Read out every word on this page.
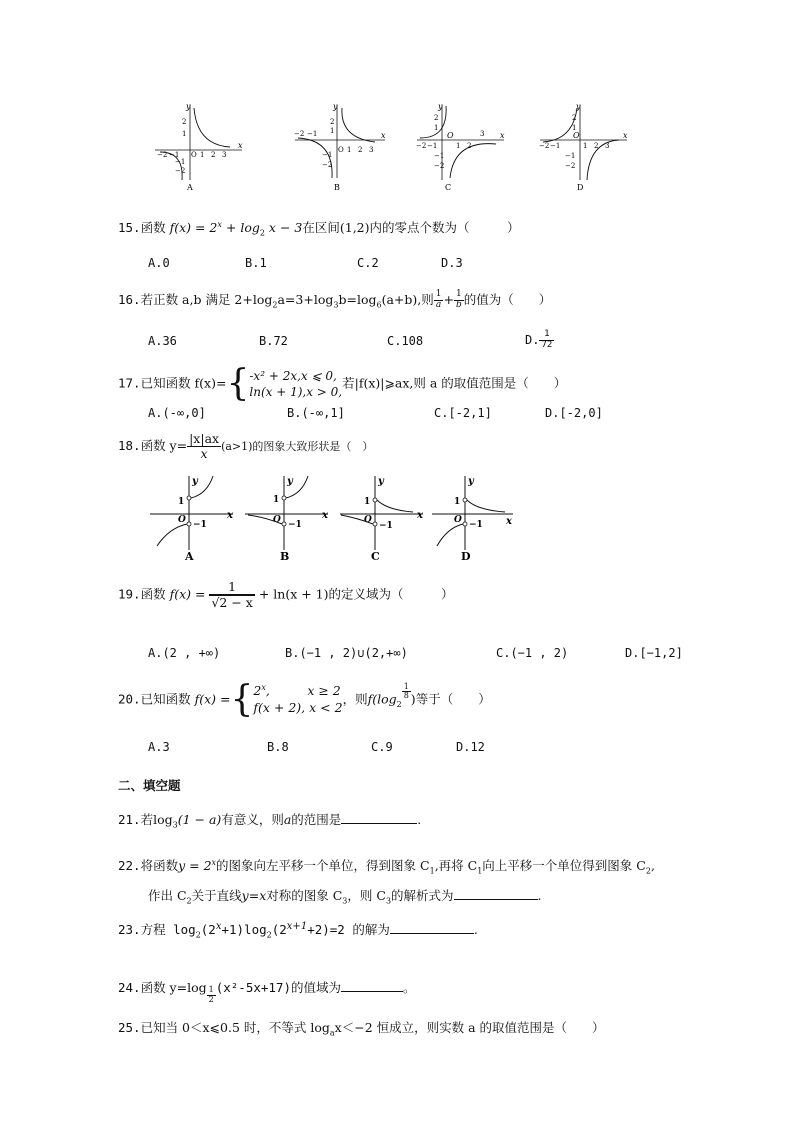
y
x
2
1
−2 −1 O 1 2 3
−1
−2
A
y
x
2
1
−2 −1
O 1 2 3
−1
−2
B
y
x
2
1
−2 −1
O
1 2
3
−1
−2
C
y
x
2
1
−2 −1
O
1 2 3
−1
−2
D
15.函数 $f(x) = 2^x + \log_2 x - 3$在区间(1,2)内的零点个数为（　　　）
A.0	B.1	C.2	D.3
16.若正数 a,b 满足 $2+\log_2a=3+\log_3b=\log_6(a+b)$,则 $\frac{1}{a} + \frac{1}{b}$ 的值为（　　）
A.36	B.72	C.108	D. $\frac{1}{72}$
17.已知函数 f(x)={ -x² + 2x,x ⩽ 0,
ln(x + 1),x > 0,
若|f(x)|⩾ax,则 a 的取值范围是（　　）
A.(-∞,0]	B.(-∞,1]	C.[-2,1]	D.[-2,0]
18.函数 $y= \frac{|x|ax}{x} (a>1)$的图象大致形状是（　）
y
x
1
O −1
A
y
x
1
O −1
B
y
x
1
O
−1
C
y
x
1
O −1
D
19.函数 $f(x) = \frac{1}{√2 - x} + \ln(x + 1)$的定义域为（　　　）
A.(2 , +∞)	B.(−1 , 2)∪(2,+∞)	C.(−1 , 2)	D.[−1,2]
20.已知函数 f(x) ={ 2$^x$,　　　x ≥ 2
f(x + 2), x < 2
，则$f(\log_2$
$\frac{1}{8}$ )等于（　　）
A.3	B.8	C.9	D.12
二、填空题
21.若$\log_3(1 - a)$有意义，则a的范围是	.
22.将函数$y = 2^x$的图象向左平移一个单位，得到图象 $C_1$,再将 $C_1$向上平移一个单位得到图象 $C_2$,
作出 $C_2$关于直线y=x对称的图象 $C_3$，则 $C_3$的解析式为	.
23.方程 $\log_2(2^x+1)\log_2(2^{x+1}+2)=2$ 的解为	.
24.函数 $y=\log \frac{1}{2} (x^2-5x+17)$的值域为	。
25.已知当 0＜x⩽0.5 时，不等式 $\log_ax<-2$ 恒成立，则实数 a 的取值范围是（　　）
